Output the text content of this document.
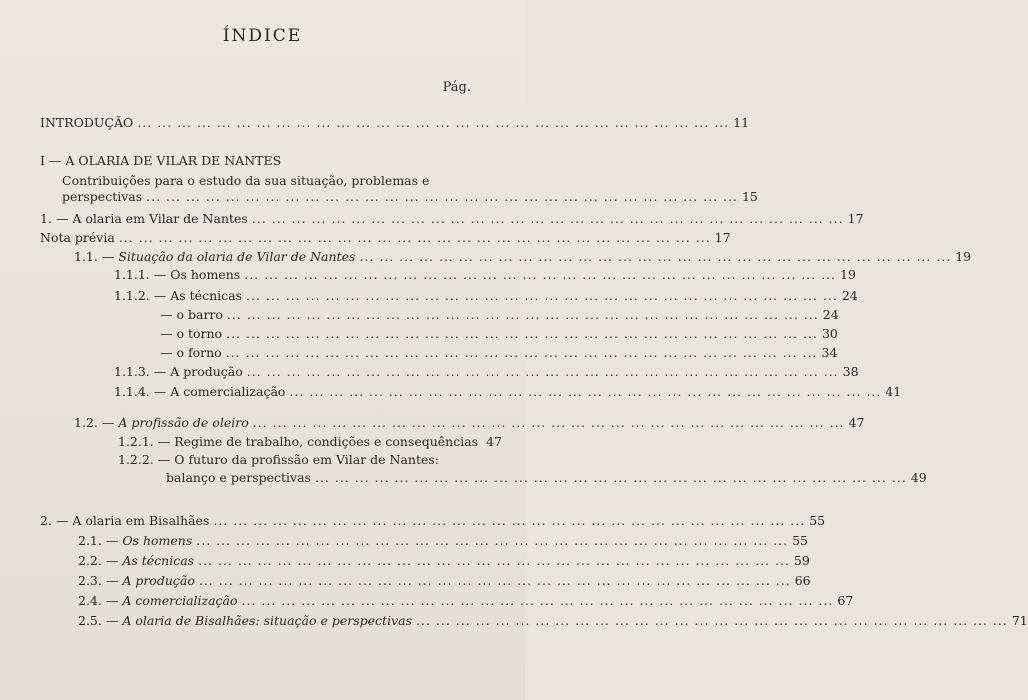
ÍNDICE
Pág.
INTRODUÇÃO ... ... ... ... ... ... ... ... ... ... ... ... ... ... ... ... ... ... ... ... ... ... ... ... ... ... ... ... ... ... 11
I — A OLARIA DE VILAR DE NANTES
Contribuições para o estudo da sua situação, problemas e
perspectivas ... ... ... ... ... ... ... ... ... ... ... ... ... ... ... ... ... ... ... ... ... ... ... ... ... ... ... ... ... ... 15
1. — A olaria em Vilar de Nantes ... ... ... ... ... ... ... ... ... ... ... ... ... ... ... ... ... ... ... ... ... ... ... ... ... ... ... ... ... ... 17
Nota prévia ... ... ... ... ... ... ... ... ... ... ... ... ... ... ... ... ... ... ... ... ... ... ... ... ... ... ... ... ... ... 17
1.1. — Situação da olaria de Vilar de Nantes ... ... ... ... ... ... ... ... ... ... ... ... ... ... ... ... ... ... ... ... ... ... ... ... ... ... ... ... ... ... 19
1.1.1. — Os homens ... ... ... ... ... ... ... ... ... ... ... ... ... ... ... ... ... ... ... ... ... ... ... ... ... ... ... ... ... ... 19
1.1.2. — As técnicas ... ... ... ... ... ... ... ... ... ... ... ... ... ... ... ... ... ... ... ... ... ... ... ... ... ... ... ... ... ... 24
— o barro ... ... ... ... ... ... ... ... ... ... ... ... ... ... ... ... ... ... ... ... ... ... ... ... ... ... ... ... ... ... 24
— o torno ... ... ... ... ... ... ... ... ... ... ... ... ... ... ... ... ... ... ... ... ... ... ... ... ... ... ... ... ... ... 30
— o forno ... ... ... ... ... ... ... ... ... ... ... ... ... ... ... ... ... ... ... ... ... ... ... ... ... ... ... ... ... ... 34
1.1.3. — A produção ... ... ... ... ... ... ... ... ... ... ... ... ... ... ... ... ... ... ... ... ... ... ... ... ... ... ... ... ... ... 38
1.1.4. — A comercialização ... ... ... ... ... ... ... ... ... ... ... ... ... ... ... ... ... ... ... ... ... ... ... ... ... ... ... ... ... ... 41
1.2. — A profissão de oleiro ... ... ... ... ... ... ... ... ... ... ... ... ... ... ... ... ... ... ... ... ... ... ... ... ... ... ... ... ... ... 47
1.2.1. — Regime de trabalho, condições e consequências 47
1.2.2. — O futuro da profissão em Vilar de Nantes:
balanço e perspectivas ... ... ... ... ... ... ... ... ... ... ... ... ... ... ... ... ... ... ... ... ... ... ... ... ... ... ... ... ... ... 49
2. — A olaria em Bisalhães ... ... ... ... ... ... ... ... ... ... ... ... ... ... ... ... ... ... ... ... ... ... ... ... ... ... ... ... ... ... 55
2.1. — Os homens ... ... ... ... ... ... ... ... ... ... ... ... ... ... ... ... ... ... ... ... ... ... ... ... ... ... ... ... ... ... 55
2.2. — As técnicas ... ... ... ... ... ... ... ... ... ... ... ... ... ... ... ... ... ... ... ... ... ... ... ... ... ... ... ... ... ... 59
2.3. — A produção ... ... ... ... ... ... ... ... ... ... ... ... ... ... ... ... ... ... ... ... ... ... ... ... ... ... ... ... ... ... 66
2.4. — A comercialização ... ... ... ... ... ... ... ... ... ... ... ... ... ... ... ... ... ... ... ... ... ... ... ... ... ... ... ... ... ... 67
2.5. — A olaria de Bisalhães: situação e perspectivas ... ... ... ... ... ... ... ... ... ... ... ... ... ... ... ... ... ... ... ... ... ... ... ... ... ... ... ... ... ... 71
